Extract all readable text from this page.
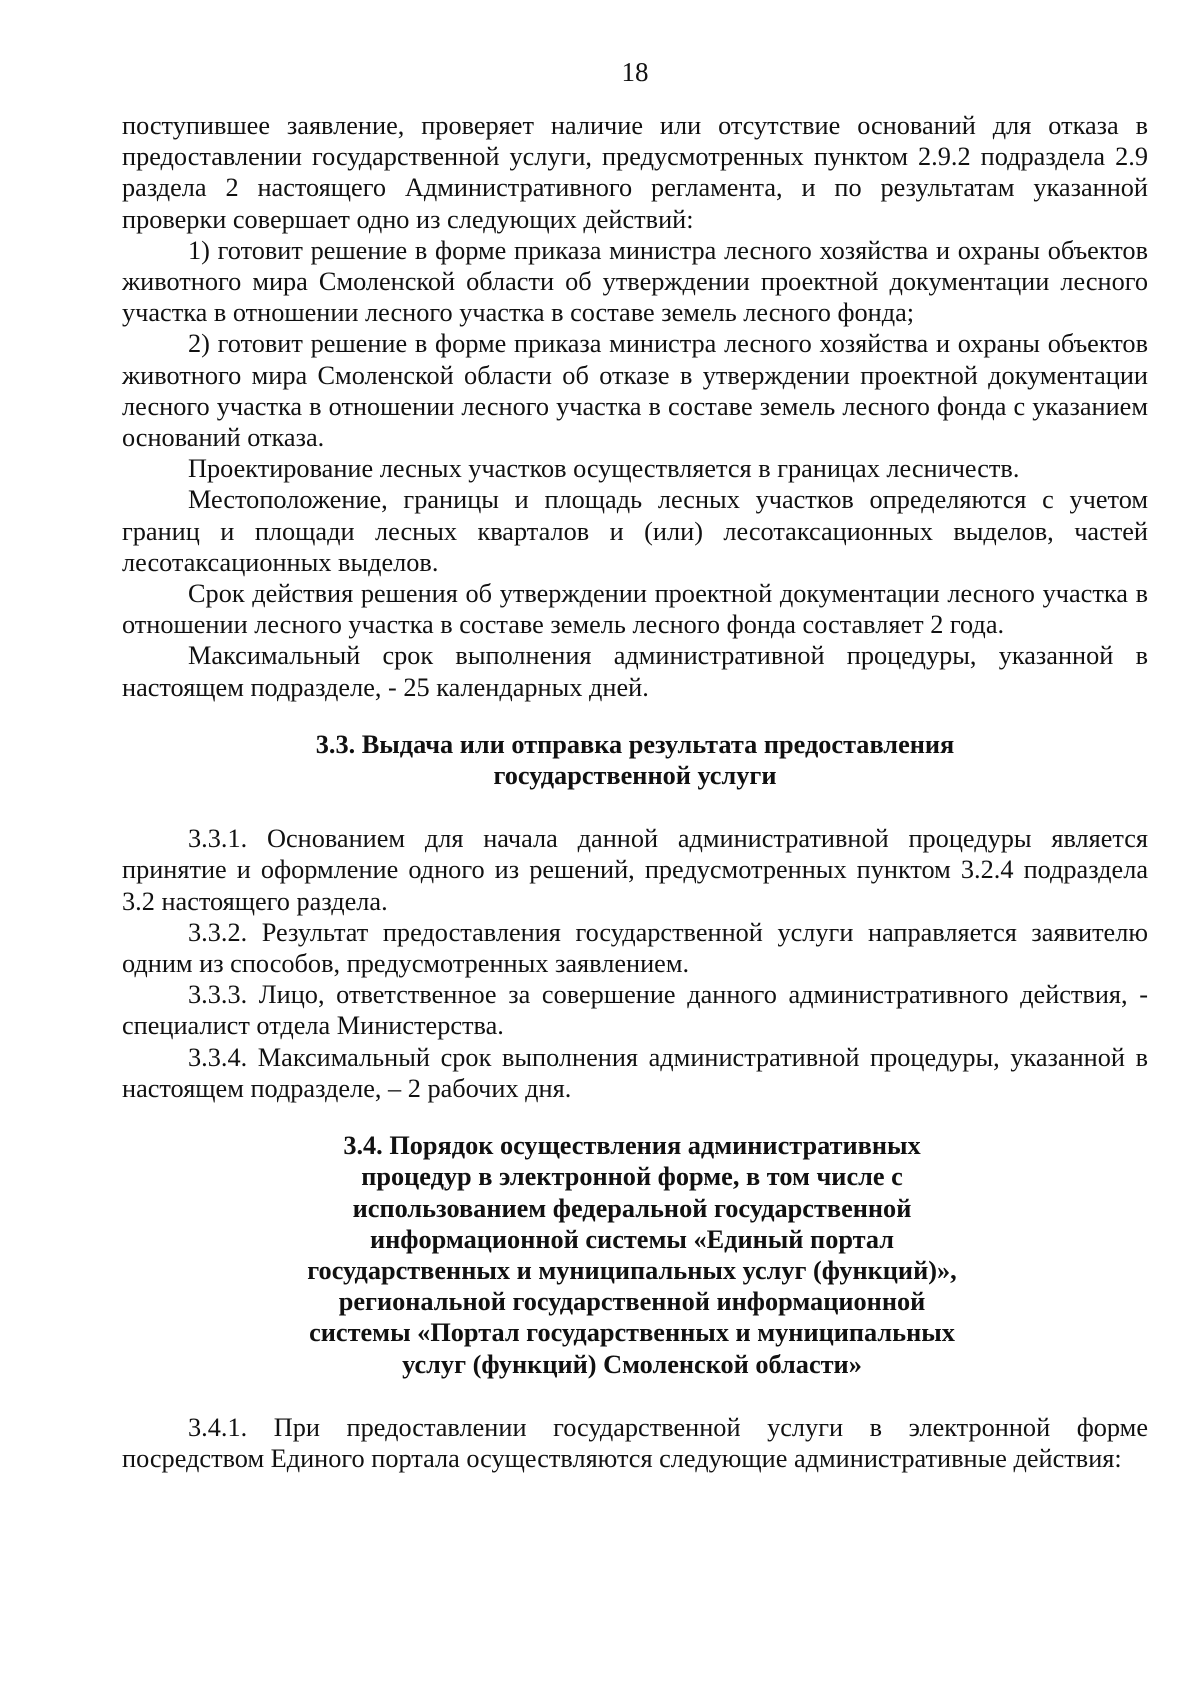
18

поступившее заявление, проверяет наличие или отсутствие оснований для отказа в предоставлении государственной услуги, предусмотренных пунктом 2.9.2 подраздела 2.9 раздела 2 настоящего Административного регламента, и по результатам указанной проверки совершает одно из следующих действий:

1) готовит решение в форме приказа министра лесного хозяйства и охраны объектов животного мира Смоленской области об утверждении проектной документации лесного участка в отношении лесного участка в составе земель лесного фонда;

2) готовит решение в форме приказа министра лесного хозяйства и охраны объектов животного мира Смоленской области об отказе в утверждении проектной документации лесного участка в отношении лесного участка в составе земель лесного фонда с указанием оснований отказа.

Проектирование лесных участков осуществляется в границах лесничеств.

Местоположение, границы и площадь лесных участков определяются с учетом границ и площади лесных кварталов и (или) лесотаксационных выделов, частей лесотаксационных выделов.

Срок действия решения об утверждении проектной документации лесного участка в отношении лесного участка в составе земель лесного фонда составляет 2 года.

Максимальный срок выполнения административной процедуры, указанной в настоящем подразделе, - 25 календарных дней.

3.3. Выдача или отправка результата предоставления
государственной услуги

3.3.1. Основанием для начала данной административной процедуры является принятие и оформление одного из решений, предусмотренных пунктом 3.2.4 подраздела 3.2 настоящего раздела.

3.3.2. Результат предоставления государственной услуги направляется заявителю одним из способов, предусмотренных заявлением.

3.3.3. Лицо, ответственное за совершение данного административного действия, - специалист отдела Министерства.

3.3.4. Максимальный срок выполнения административной процедуры, указанной в настоящем подразделе, – 2 рабочих дня.

3.4. Порядок осуществления административных
процедур в электронной форме, в том числе с
использованием федеральной государственной
информационной системы «Единый портал
государственных и муниципальных услуг (функций)»,
региональной государственной информационной
системы «Портал государственных и муниципальных
услуг (функций) Смоленской области»

3.4.1. При предоставлении государственной услуги в электронной форме посредством Единого портала осуществляются следующие административные действия:
